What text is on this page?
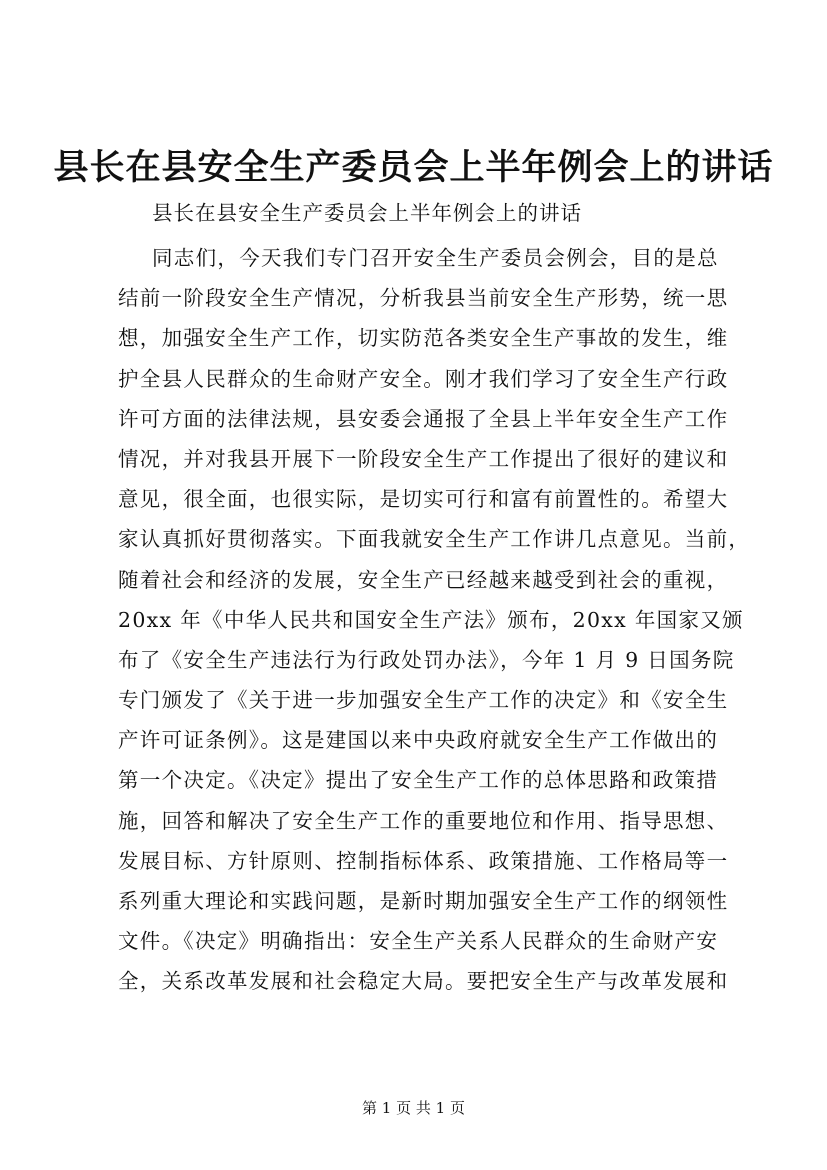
县长在县安全生产委员会上半年例会上的讲话
县长在县安全生产委员会上半年例会上的讲话
同志们，今天我们专门召开安全生产委员会例会，目的是总
结前一阶段安全生产情况，分析我县当前安全生产形势，统一思
想，加强安全生产工作，切实防范各类安全生产事故的发生，维
护全县人民群众的生命财产安全。刚才我们学习了安全生产行政
许可方面的法律法规，县安委会通报了全县上半年安全生产工作
情况，并对我县开展下一阶段安全生产工作提出了很好的建议和
意见，很全面，也很实际，是切实可行和富有前置性的。希望大
家认真抓好贯彻落实。下面我就安全生产工作讲几点意见。当前，
随着社会和经济的发展，安全生产已经越来越受到社会的重视，
20xx 年《中华人民共和国安全生产法》颁布，20xx 年国家又颁
布了《安全生产违法行为行政处罚办法》，今年 1 月 9 日国务院
专门颁发了《关于进一步加强安全生产工作的决定》和《安全生
产许可证条例》。这是建国以来中央政府就安全生产工作做出的
第一个决定。《决定》提出了安全生产工作的总体思路和政策措
施，回答和解决了安全生产工作的重要地位和作用、指导思想、
发展目标、方针原则、控制指标体系、政策措施、工作格局等一
系列重大理论和实践问题，是新时期加强安全生产工作的纲领性
文件。《决定》明确指出：安全生产关系人民群众的生命财产安
全，关系改革发展和社会稳定大局。要把安全生产与改革发展和
第 1 页 共 1 页
